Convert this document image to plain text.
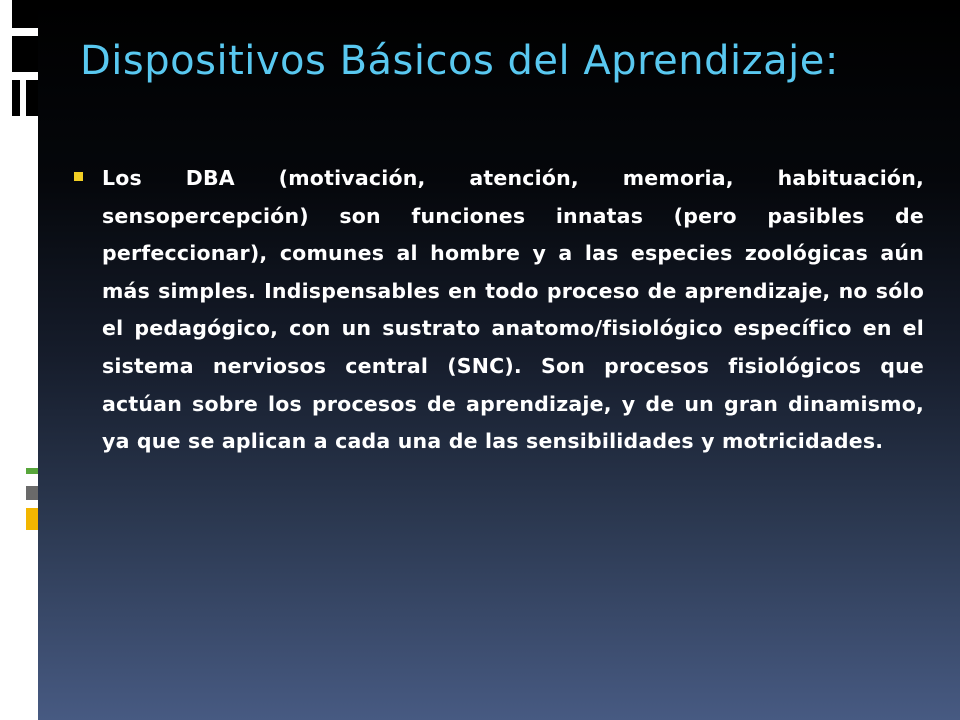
Dispositivos Básicos del Aprendizaje:

Los DBA (motivación, atención, memoria, habituación, sensopercepción) son funciones innatas (pero pasibles de perfeccionar), comunes al hombre y a las especies zoológicas aún más simples. Indispensables en todo proceso de aprendizaje, no sólo el pedagógico, con un sustrato anatomo/fisiológico específico en el sistema nerviosos central (SNC). Son procesos fisiológicos que actúan sobre los procesos de aprendizaje, y de un gran dinamismo, ya que se aplican a cada una de las sensibilidades y motricidades.
